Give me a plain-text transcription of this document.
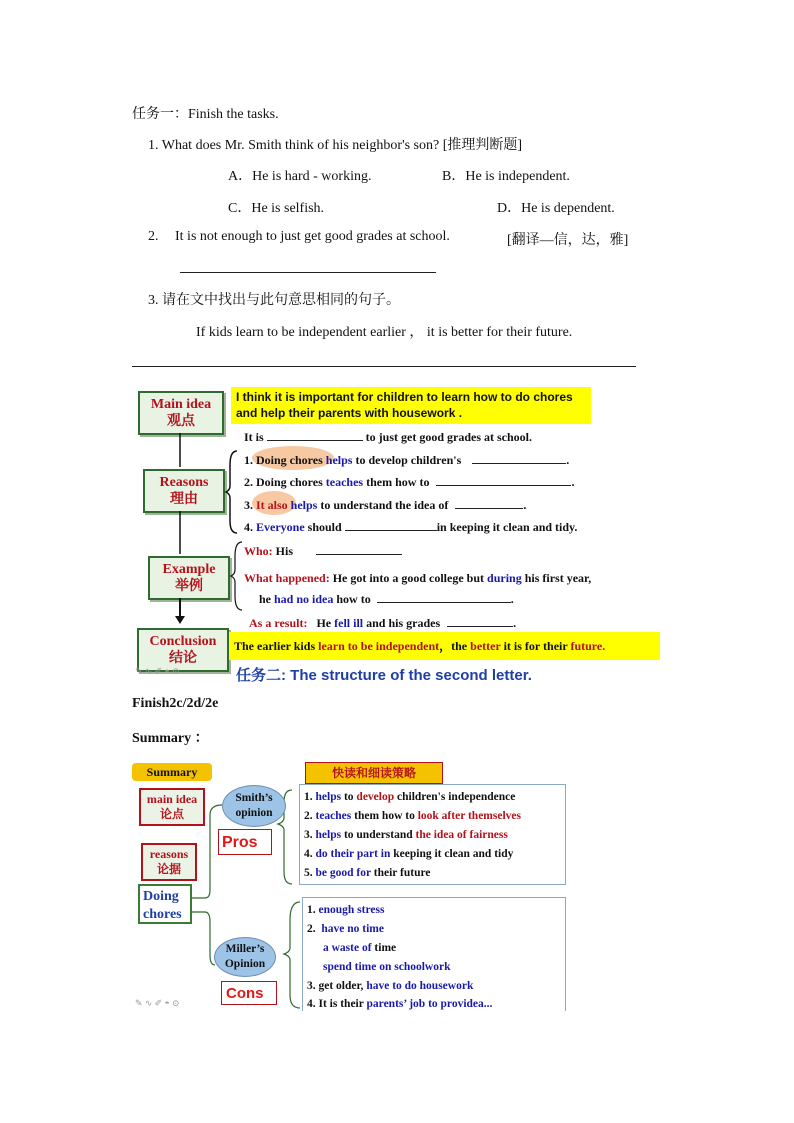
任务一：Finish the tasks.
1. What does Mr. Smith think of his neighbor's son? [推理判断题]
A．He is hard - working.	B．He is independent.
C．He is selfish.	D．He is dependent.
2. It is not enough to just get good grades at school.	[翻译—信，达，雅]
3. 请在文中找出与此句意思相同的句子。
If kids learn to be independent earlier ， it is better for their future.
Main idea
观点
Reasons
理由
Example
举例
Conclusion
结论
I think it is important for children to learn how to do chores
and help their parents with housework .
It is	to just get good grades at school.
1. Doing chores helps to develop children's	.
2. Doing chores teaches them how to	.
3. It also helps to understand the idea of	.
4. Everyone should	in keeping it clean and tidy.
Who: His
What happened: He got into a good college but during his first year,
he had no idea how to	.
As a result: He fell ill and his grades	.
The earlier kids learn to be independent，the better it is for their future.
✎ ∿ ✐ ◓ ⊙	任务二: The structure of the second letter.
Finish2c/2d/2e
Summary ：
Summary	快读和细读策略
main idea
论点
reasons
论据
Doing
chores
Smith’s
opinion
Pros
Miller’s
Opinion
Cons
1. helps to develop children's independence
2. teaches them how to look after themselves
3. helps to understand the idea of fairness
4. do their part in keeping it clean and tidy
5. be good for their future
1. enough stress
2. have no time
a waste of time
spend time on schoolwork
3. get older, have to do housework
4. It is their parents’ job to providea...
✎ ∿ ✐ ◓ ⊙
